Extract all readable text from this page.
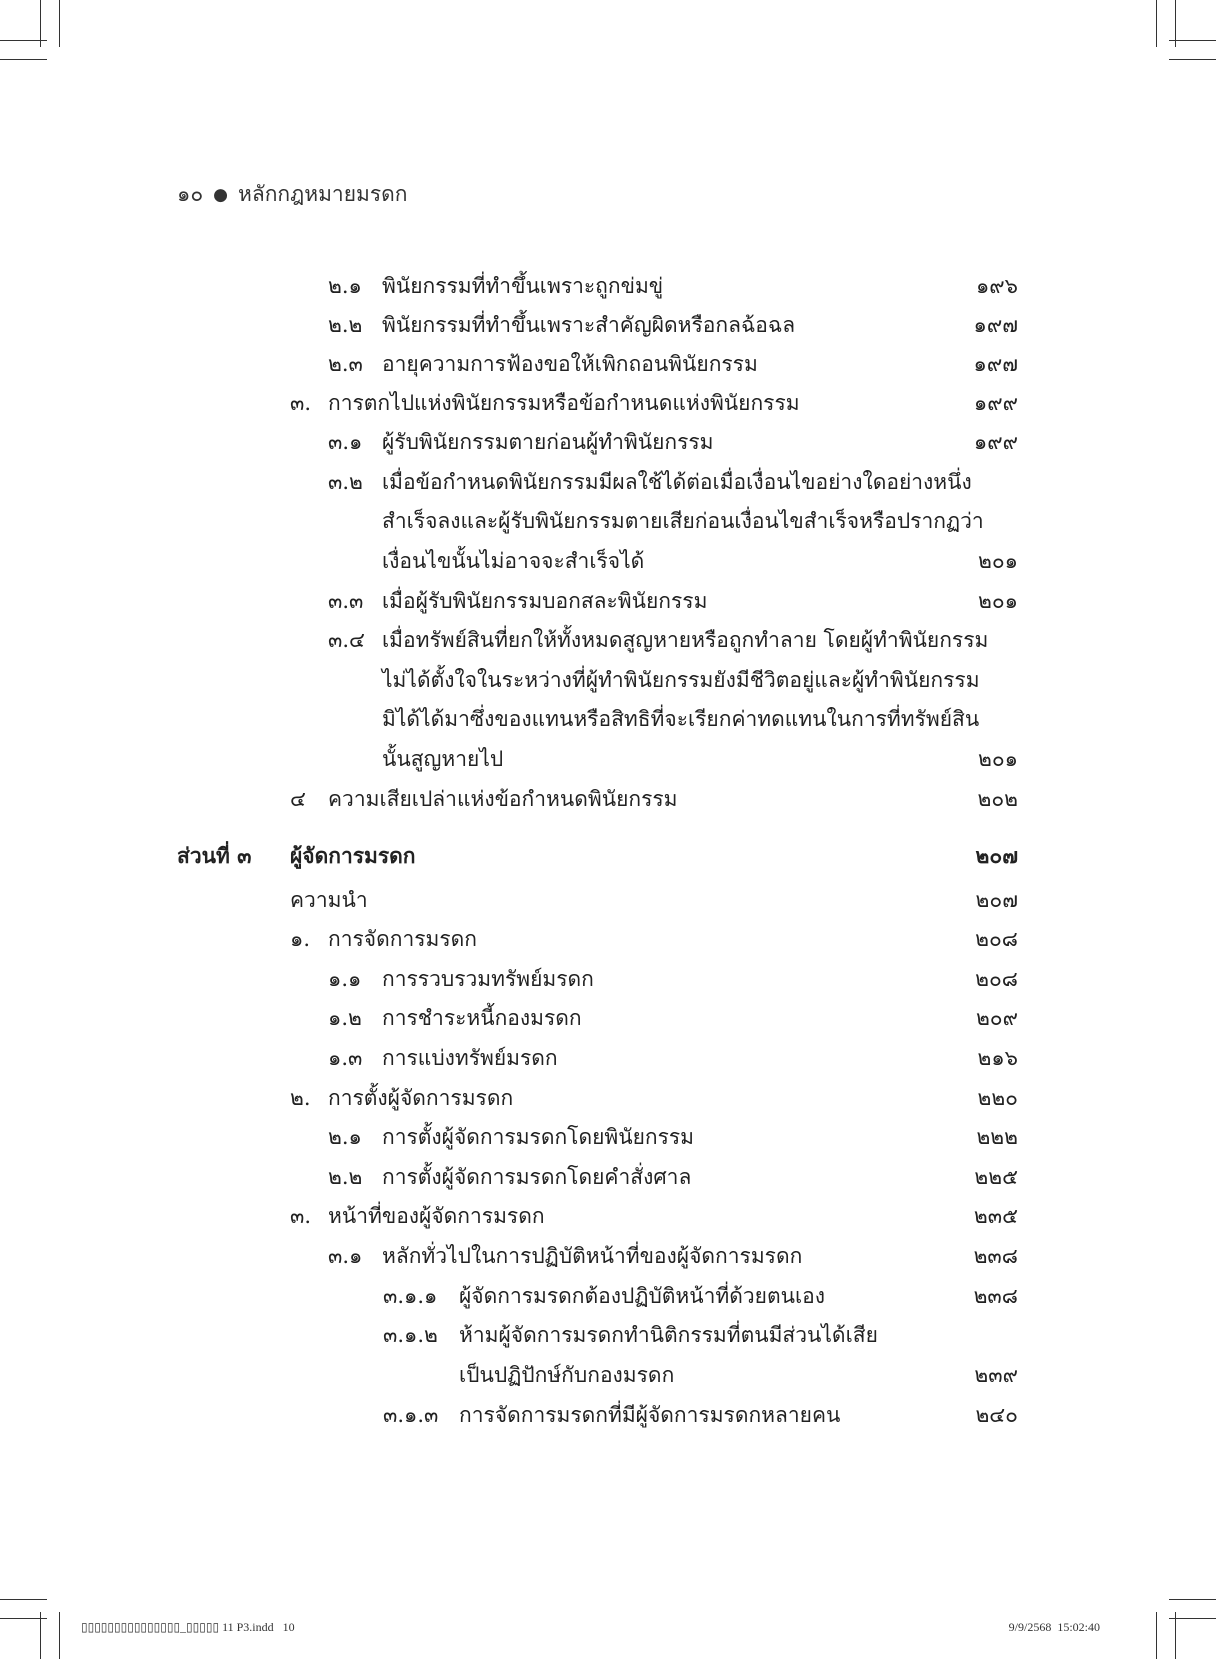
๑๐ ● หลักกฎหมายมรดก
๒.๑ พินัยกรรมที่ทำขึ้นเพราะถูกข่มขู่	๑๙๖
๒.๒ พินัยกรรมที่ทำขึ้นเพราะสำคัญผิดหรือกลฉ้อฉล	๑๙๗
๒.๓ อายุความการฟ้องขอให้เพิกถอนพินัยกรรม	๑๙๗
๓. การตกไปแห่งพินัยกรรมหรือข้อกำหนดแห่งพินัยกรรม	๑๙๙
๓.๑ ผู้รับพินัยกรรมตายก่อนผู้ทำพินัยกรรม	๑๙๙
๓.๒ เมื่อข้อกำหนดพินัยกรรมมีผลใช้ได้ต่อเมื่อเงื่อนไขอย่างใดอย่างหนึ่ง
สำเร็จลงและผู้รับพินัยกรรมตายเสียก่อนเงื่อนไขสำเร็จหรือปรากฏว่า
เงื่อนไขนั้นไม่อาจจะสำเร็จได้	๒๐๑
๓.๓ เมื่อผู้รับพินัยกรรมบอกสละพินัยกรรม	๒๐๑
๓.๔ เมื่อทรัพย์สินที่ยกให้ทั้งหมดสูญหายหรือถูกทำลาย โดยผู้ทำพินัยกรรม
ไม่ได้ตั้งใจในระหว่างที่ผู้ทำพินัยกรรมยังมีชีวิตอยู่และผู้ทำพินัยกรรม
มิได้ได้มาซึ่งของแทนหรือสิทธิที่จะเรียกค่าทดแทนในการที่ทรัพย์สิน
นั้นสูญหายไป	๒๐๑
๔ ความเสียเปล่าแห่งข้อกำหนดพินัยกรรม	๒๐๒
ส่วนที่ ๓ ผู้จัดการมรดก	๒๐๗
ความนำ	๒๐๗
๑. การจัดการมรดก	๒๐๘
๑.๑ การรวบรวมทรัพย์มรดก	๒๐๘
๑.๒ การชำระหนี้กองมรดก	๒๐๙
๑.๓ การแบ่งทรัพย์มรดก	๒๑๖
๒. การตั้งผู้จัดการมรดก	๒๒๐
๒.๑ การตั้งผู้จัดการมรดกโดยพินัยกรรม	๒๒๒
๒.๒ การตั้งผู้จัดการมรดกโดยคำสั่งศาล	๒๒๕
๓. หน้าที่ของผู้จัดการมรดก	๒๓๕
๓.๑ หลักทั่วไปในการปฏิบัติหน้าที่ของผู้จัดการมรดก	๒๓๘
๓.๑.๑ ผู้จัดการมรดกต้องปฏิบัติหน้าที่ด้วยตนเอง	๒๓๘
๓.๑.๒ ห้ามผู้จัดการมรดกทำนิติกรรมที่ตนมีส่วนได้เสีย
เป็นปฏิปักษ์กับกองมรดก	๒๓๙
๓.๑.๓ การจัดการมรดกที่มีผู้จัดการมรดกหลายคน	๒๔๐
▯▯▯▯▯▯▯▯▯▯▯▯▯▯▯_▯▯▯▯▯ 11 P3.indd 10	9/9/2568  15:02:40
